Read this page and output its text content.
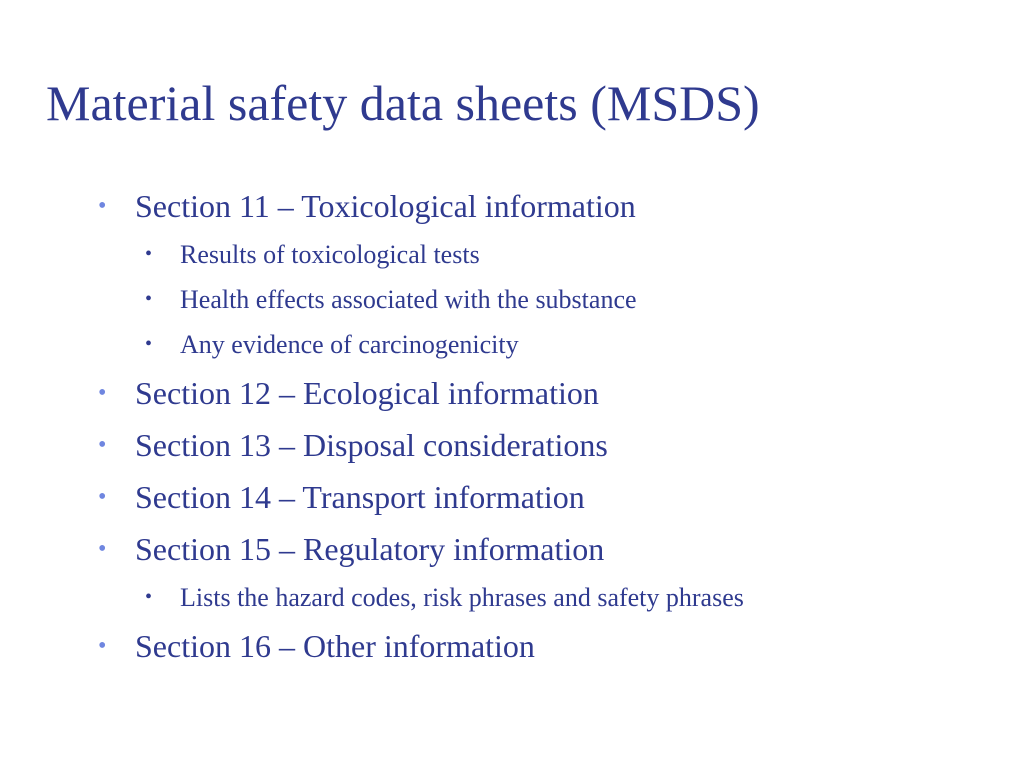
Material safety data sheets (MSDS)
• Section 11 – Toxicological information
• Results of toxicological tests
• Health effects associated with the substance
• Any evidence of carcinogenicity
• Section 12 – Ecological information
• Section 13 – Disposal considerations
• Section 14 – Transport information
• Section 15 – Regulatory information
• Lists the hazard codes, risk phrases and safety phrases
• Section 16 – Other information
